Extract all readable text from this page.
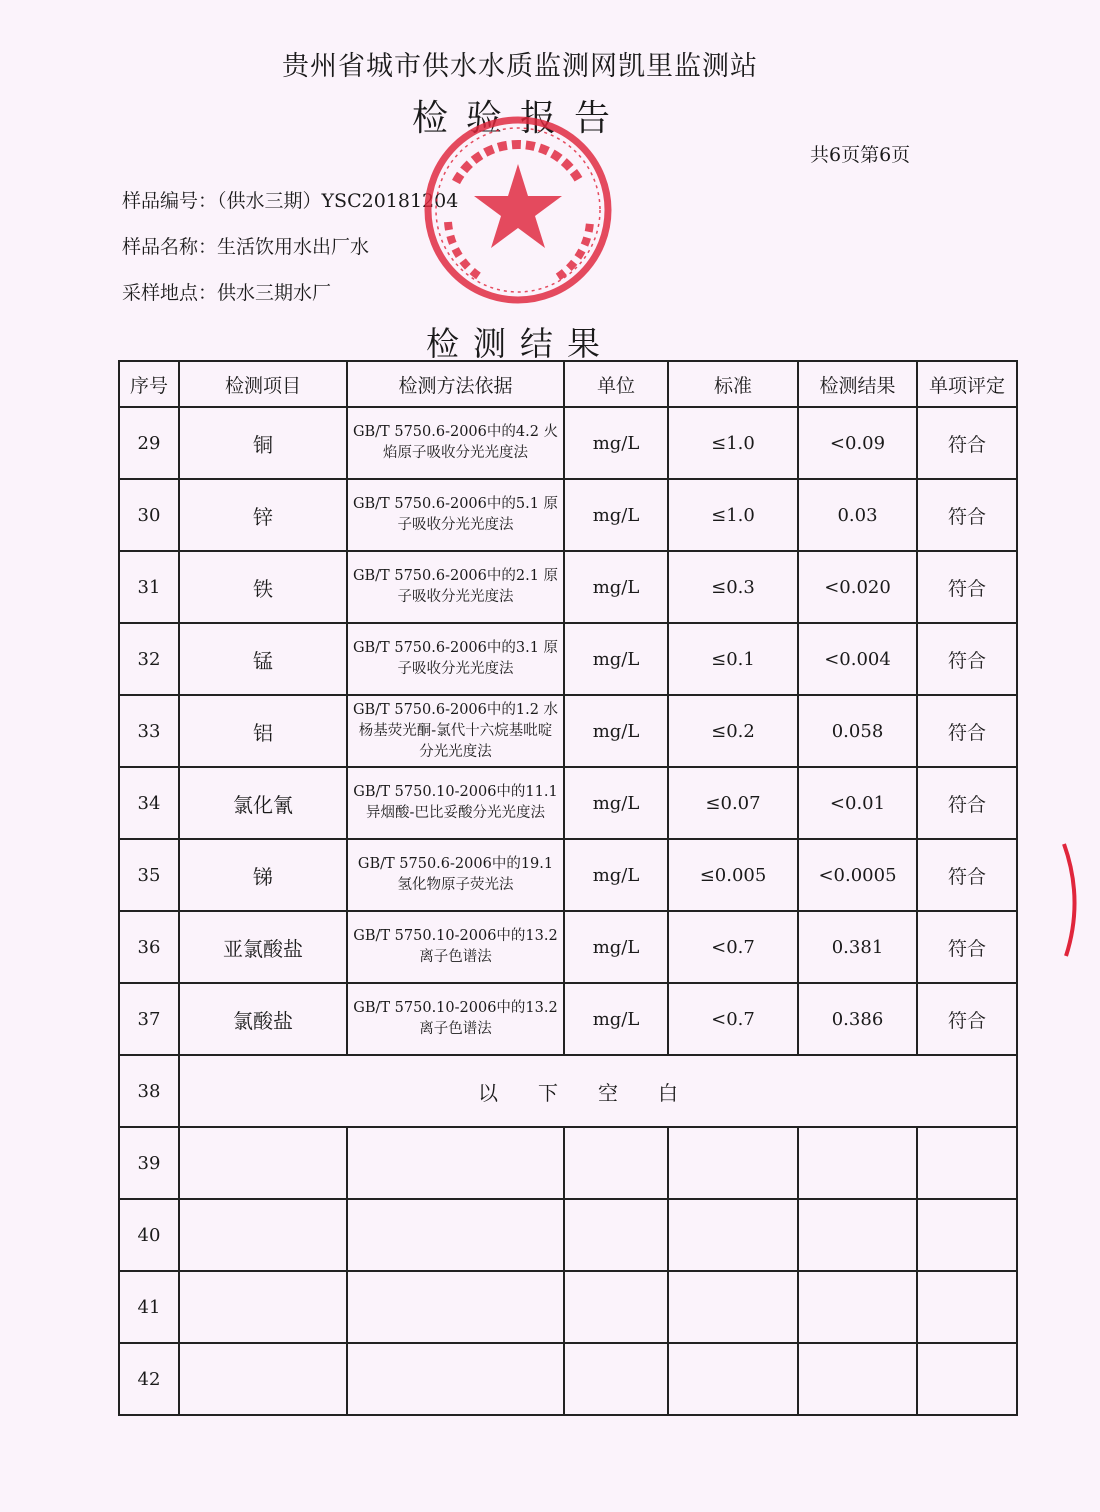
贵州省城市供水水质监测网凯里监测站
检验报告
共6页第6页
样品编号：（供水三期）YSC20181204
样品名称：生活饮用水出厂水
采样地点：供水三期水厂
检测结果
序号	检测项目	检测方法依据	单位	标准	检测结果	单项评定
29	铜	GB/T 5750.6-2006中的4.2 火焰原子吸收分光光度法	mg/L	≤1.0	<0.09	符合
30	锌	GB/T 5750.6-2006中的5.1 原子吸收分光光度法	mg/L	≤1.0	0.03	符合
31	铁	GB/T 5750.6-2006中的2.1 原子吸收分光光度法	mg/L	≤0.3	<0.020	符合
32	锰	GB/T 5750.6-2006中的3.1 原子吸收分光光度法	mg/L	≤0.1	<0.004	符合
33	铝	GB/T 5750.6-2006中的1.2 水杨基荧光酮-氯代十六烷基吡啶分光光度法	mg/L	≤0.2	0.058	符合
34	氯化氰	GB/T 5750.10-2006中的11.1 异烟酸-巴比妥酸分光光度法	mg/L	≤0.07	<0.01	符合
35	锑	GB/T 5750.6-2006中的19.1 氢化物原子荧光法	mg/L	≤0.005	<0.0005	符合
36	亚氯酸盐	GB/T 5750.10-2006中的13.2 离子色谱法	mg/L	<0.7	0.381	符合
37	氯酸盐	GB/T 5750.10-2006中的13.2 离子色谱法	mg/L	<0.7	0.386	符合
38	以下空白					
39						
40						
41						
42						
